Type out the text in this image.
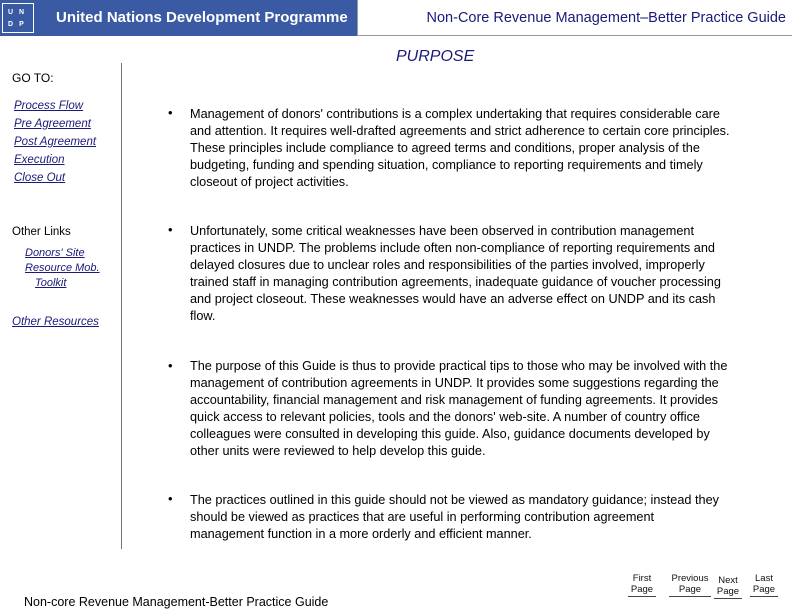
U N
D P United Nations Development Programme	Non-Core Revenue Management–Better Practice Guide
PURPOSE
GO TO:
Process Flow
Pre Agreement
Post Agreement
Execution
Close Out
Other Links
Donors' Site
Resource Mob.
Toolkit
Other Resources
• Management of donors' contributions is a complex undertaking that requires considerable care and attention. It requires well-drafted agreements and strict adherence to certain core principles. These principles include compliance to agreed terms and conditions, proper analysis of the budgeting, funding and spending situation, compliance to reporting requirements and timely closeout of project activities.
• Unfortunately, some critical weaknesses have been observed in contribution management practices in UNDP. The problems include often non-compliance of reporting requirements and delayed closures due to unclear roles and responsibilities of the parties involved, improperly trained staff in managing contribution agreements, inadequate guidance of voucher processing and project closeout. These weaknesses would have an adverse effect on UNDP and its cash flow.
• The purpose of this Guide is thus to provide practical tips to those who may be involved with the management of contribution agreements in UNDP. It provides some suggestions regarding the accountability, financial management and risk management of funding agreements. It provides quick access to relevant policies, tools and the donors' web-site. A number of country office colleagues were consulted in developing this guide. Also, guidance documents developed by other units were reviewed to help develop this guide.
• The practices outlined in this guide should not be viewed as mandatory guidance; instead they should be viewed as practices that are useful in performing contribution agreement management function in a more orderly and efficient manner.
Non-core Revenue Management-Better Practice Guide
First
Page
Previous
Page
Next
Page
Last
Page
